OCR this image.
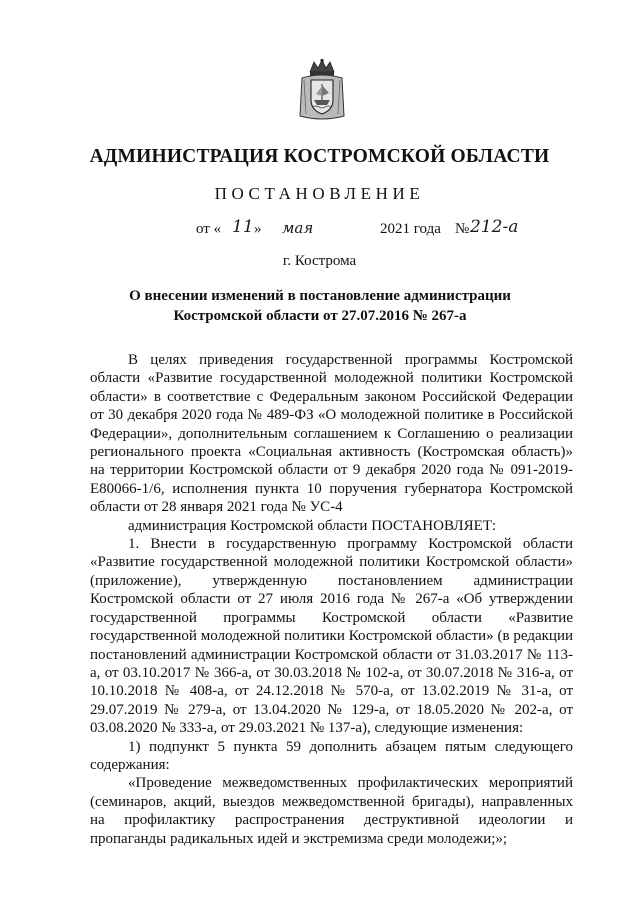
АДМИНИСТРАЦИЯ КОСТРОМСКОЙ ОБЛАСТИ
ПОСТАНОВЛЕНИЕ
от « 11 » мая	2021 года № 212-а
г. Кострома
О внесении изменений в постановление администрации
Костромской области от 27.07.2016 № 267-а

В целях приведения государственной программы Костромской области «Развитие государственной молодежной политики Костромской области» в соответствие с Федеральным законом Российской Федерации от 30 декабря 2020 года № 489-ФЗ «О молодежной политике в Российской Федерации», дополнительным соглашением к Соглашению о реализации регионального проекта «Социальная активность (Костромская область)» на территории Костромской области от 9 декабря 2020 года № 091-2019-Е80066-1/6, исполнения пункта 10 поручения губернатора Костромской области от 28 января 2021 года № УС-4

администрация Костромской области ПОСТАНОВЛЯЕТ:

1. Внести в государственную программу Костромской области «Развитие государственной молодежной политики Костромской области» (приложение), утвержденную постановлением администрации Костромской области от 27 июля 2016 года № 267-а «Об утверждении государственной программы Костромской области «Развитие государственной молодежной политики Костромской области» (в редакции постановлений администрации Костромской области от 31.03.2017 № 113-а, от 03.10.2017 № 366-а, от 30.03.2018 № 102-а, от 30.07.2018 № 316-а, от 10.10.2018 № 408-а, от 24.12.2018 № 570-а, от 13.02.2019 № 31-а, от 29.07.2019 № 279-а, от 13.04.2020 № 129-а, от 18.05.2020 № 202-а, от 03.08.2020 № 333-а, от 29.03.2021 № 137-а), следующие изменения:

1) подпункт 5 пункта 59 дополнить абзацем пятым следующего содержания:

«Проведение межведомственных профилактических мероприятий (семинаров, акций, выездов межведомственной бригады), направленных на профилактику распространения деструктивной идеологии и пропаганды радикальных идей и экстремизма среди молодежи;»;
